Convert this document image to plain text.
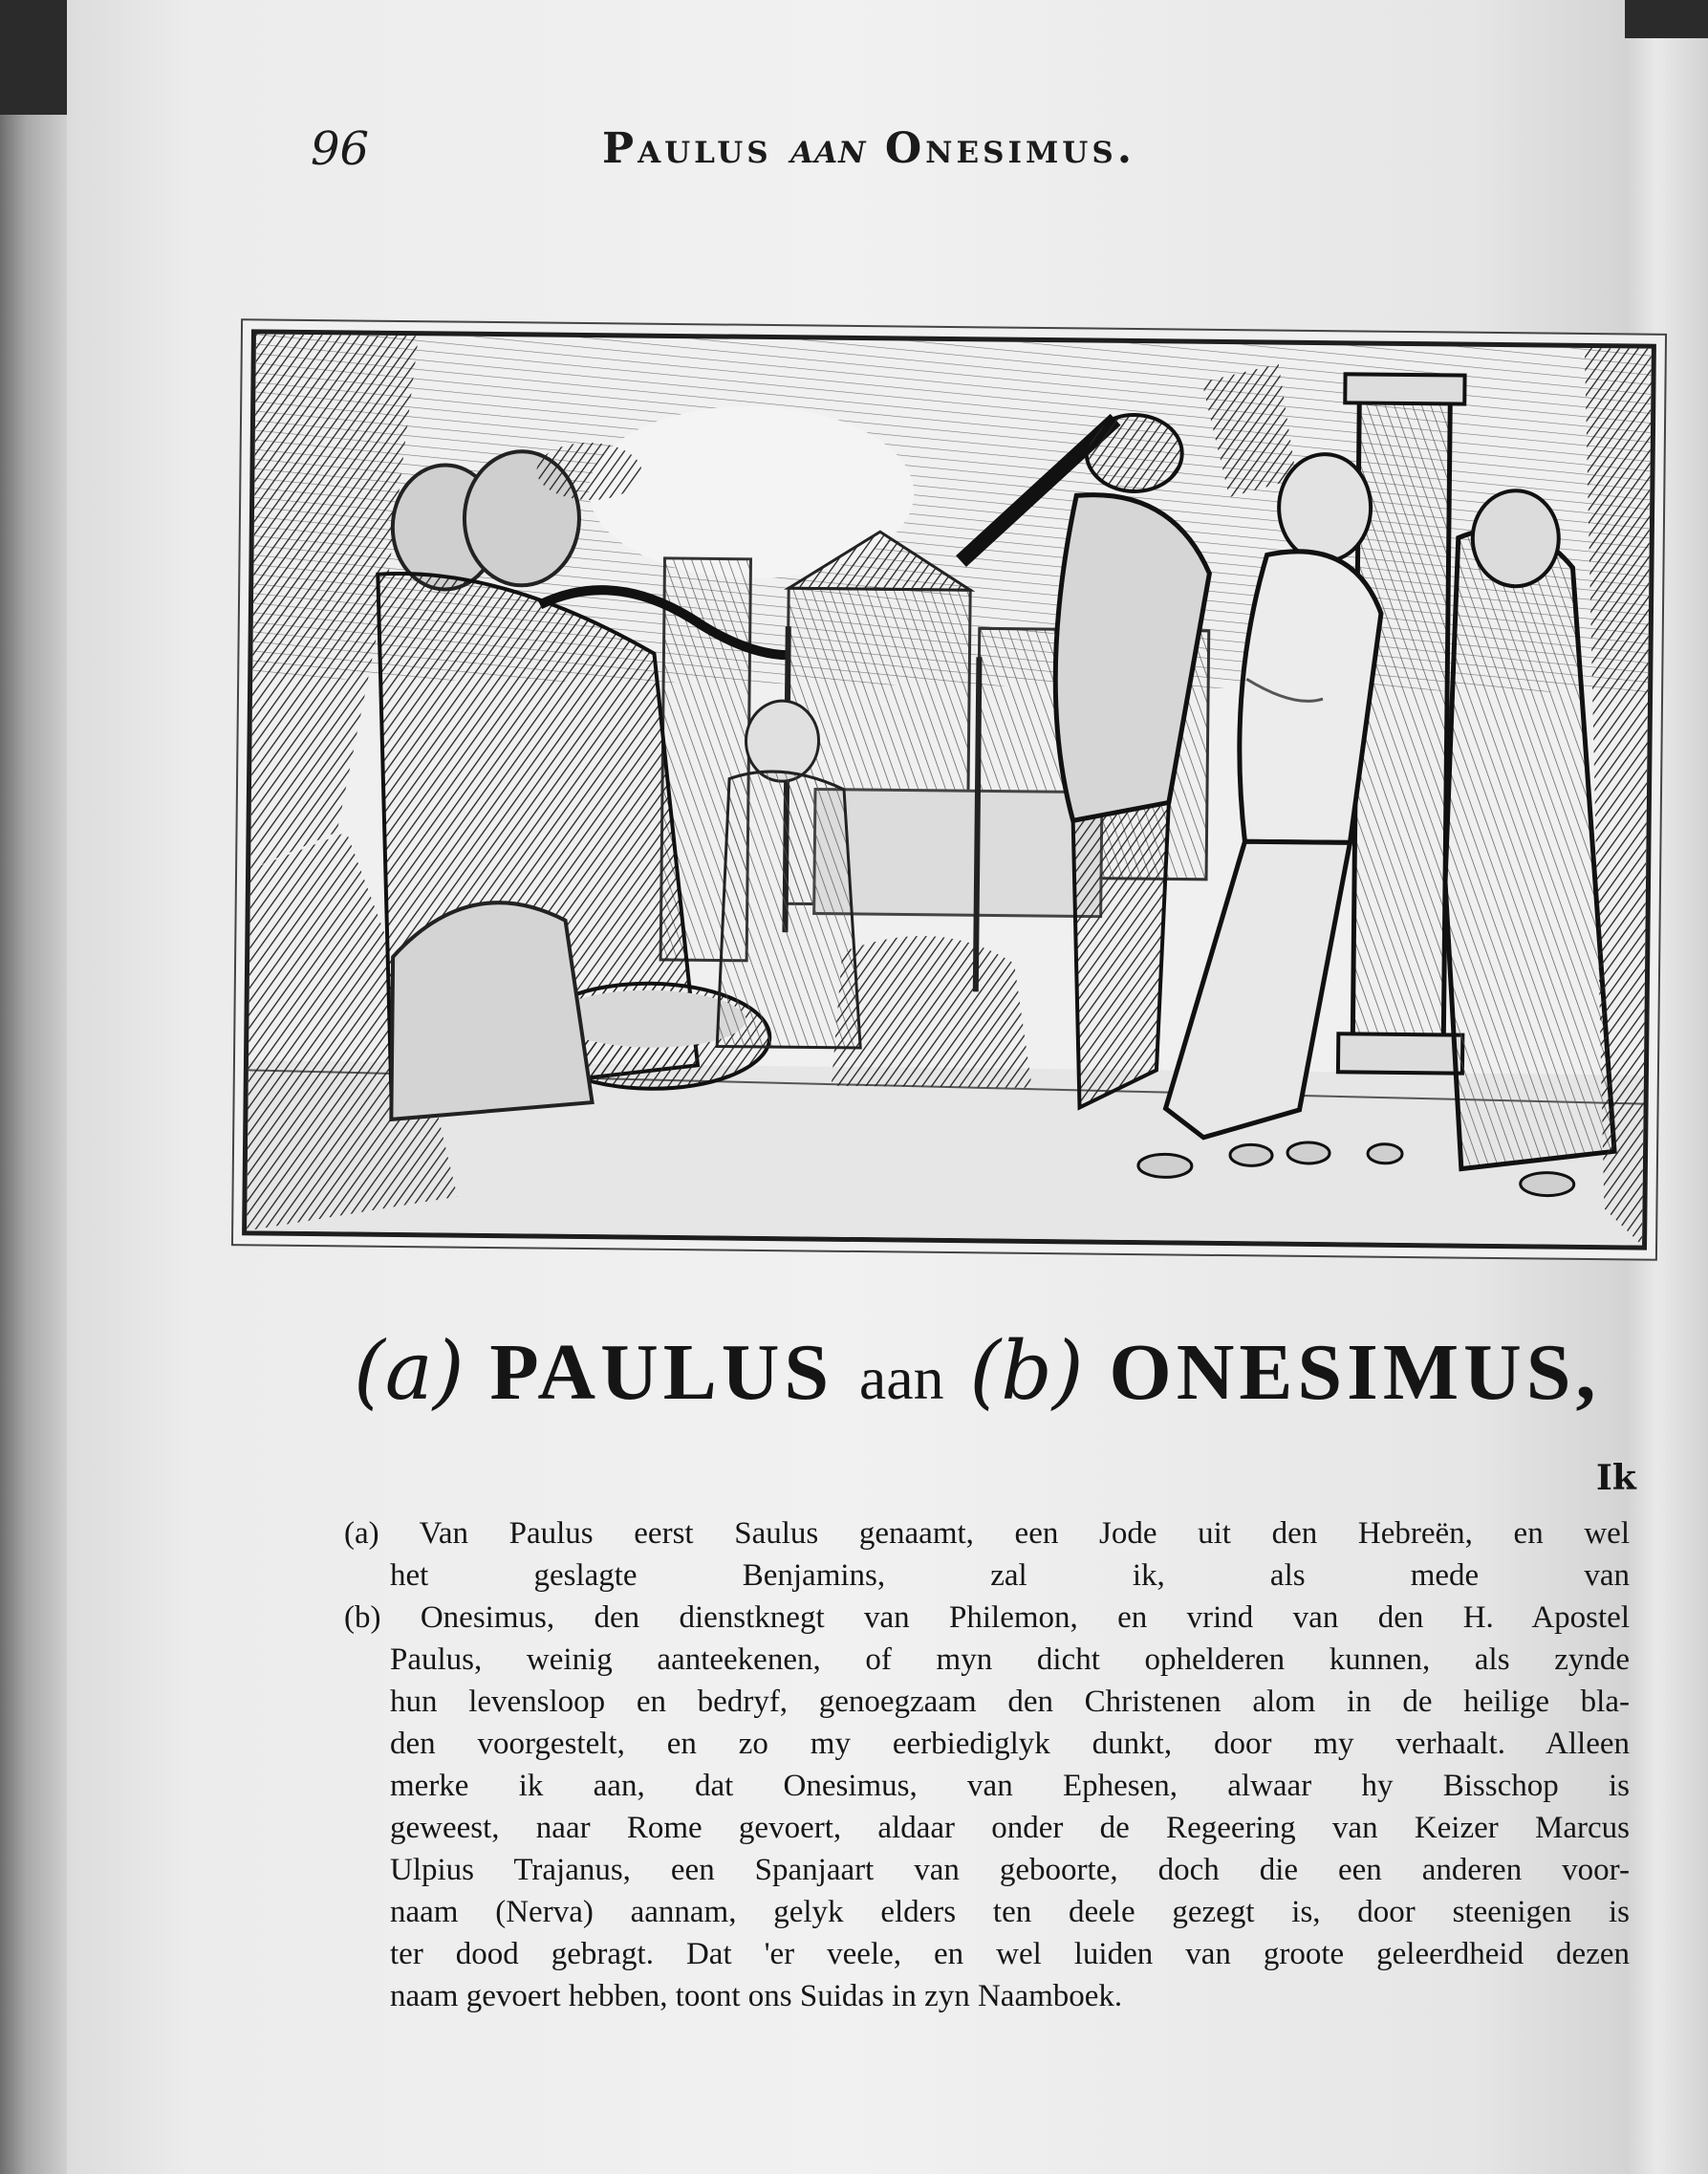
96	Paulus aan Onesimus.
(a) PAULUS aan (b) ONESIMUS,
Ik
(a) Van Paulus eerst Saulus genaamt, een Jode uit den Hebreën, en wel
het geslagte Benjamins, zal ik, als mede van
(b) Onesimus, den dienstknegt van Philemon, en vrind van den H. Apostel
Paulus, weinig aanteekenen, of myn dicht ophelderen kunnen, als zynde
hun levensloop en bedryf, genoegzaam den Christenen alom in de heilige bla-
den voorgestelt, en zo my eerbiediglyk dunkt, door my verhaalt. Alleen
merke ik aan, dat Onesimus, van Ephesen, alwaar hy Bisschop is
geweest, naar Rome gevoert, aldaar onder de Regeering van Keizer Marcus
Ulpius Trajanus, een Spanjaart van geboorte, doch die een anderen voor-
naam (Nerva) aannam, gelyk elders ten deele gezegt is, door steenigen is
ter dood gebragt. Dat 'er veele, en wel luiden van groote geleerdheid dezen
naam gevoert hebben, toont ons Suidas in zyn Naamboek.
